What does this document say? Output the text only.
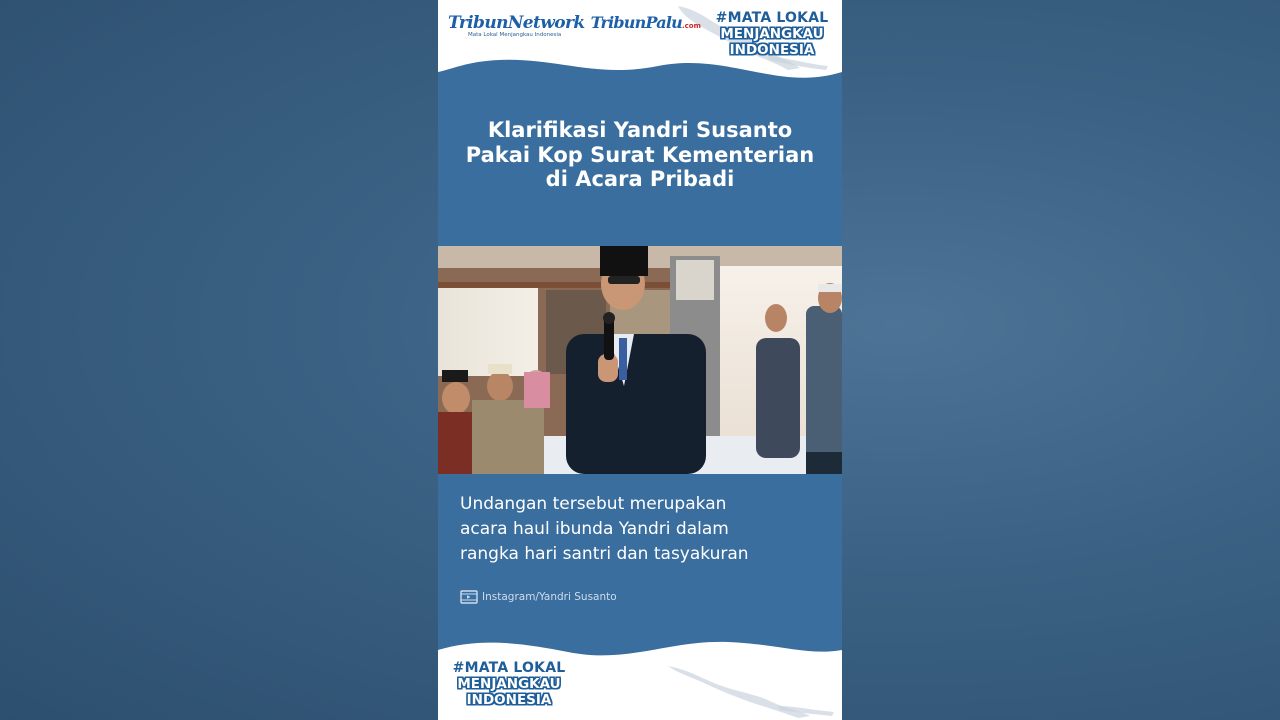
TribunNetwork
Mata Lokal Menjangkau Indonesia
TribunPalu .com	#MATA LOKAL
MENJANGKAU
INDONESIA
Klarifikasi Yandri Susanto
Pakai Kop Surat Kementerian
di Acara Pribadi
Undangan tersebut merupakan
acara haul ibunda Yandri dalam
rangka hari santri dan tasyakuran
Instagram/Yandri Susanto
#MATA LOKAL
MENJANGKAU
INDONESIA
